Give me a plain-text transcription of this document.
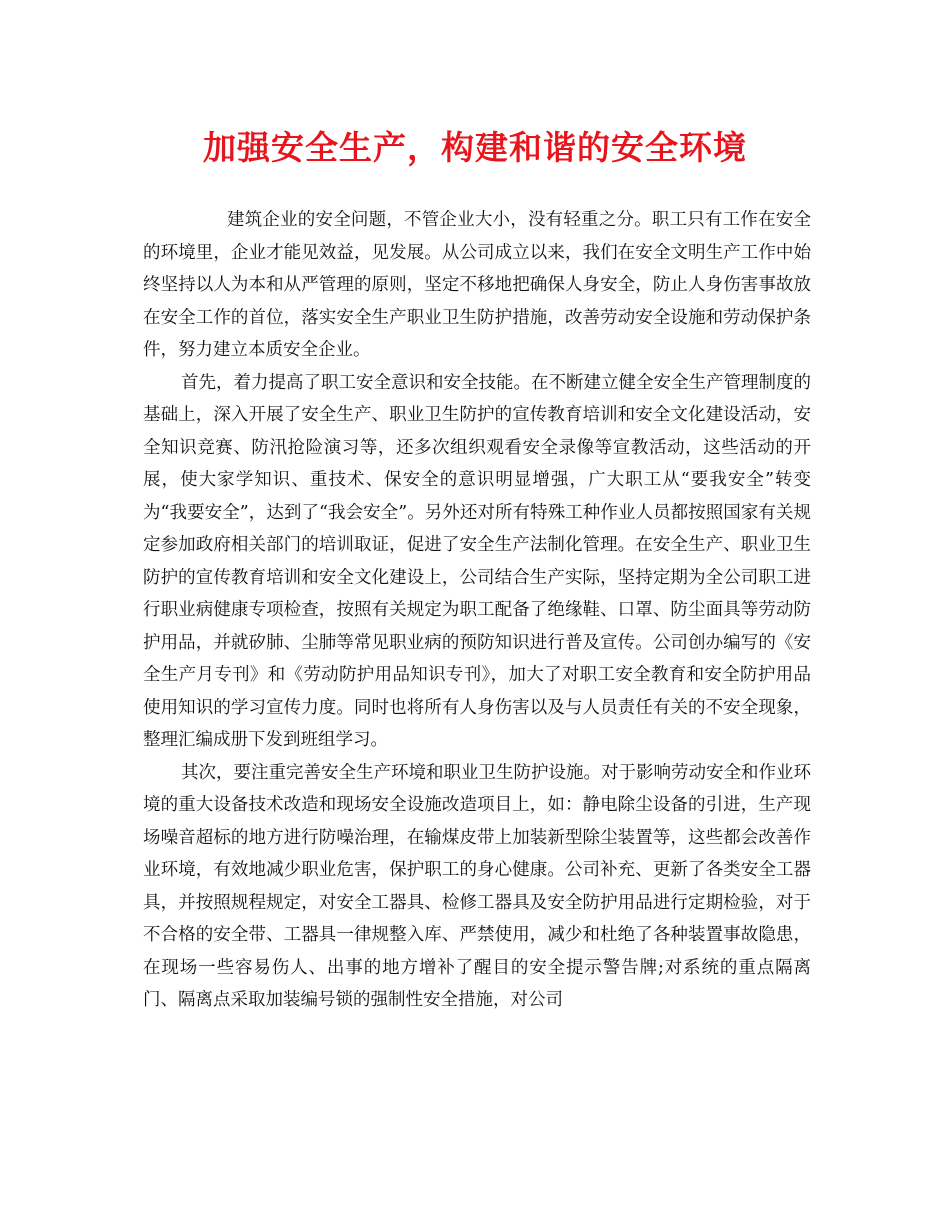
加强安全生产，构建和谐的安全环境

建筑企业的安全问题，不管企业大小，没有轻重之分。职工只有工作在安全的环境里，企业才能见效益，见发展。从公司成立以来，我们在安全文明生产工作中始终坚持以人为本和从严管理的原则，坚定不移地把确保人身安全，防止人身伤害事故放在安全工作的首位，落实安全生产职业卫生防护措施，改善劳动安全设施和劳动保护条件，努力建立本质安全企业。

首先，着力提高了职工安全意识和安全技能。在不断建立健全安全生产管理制度的基础上，深入开展了安全生产、职业卫生防护的宣传教育培训和安全文化建设活动，安全知识竞赛、防汛抢险演习等，还多次组织观看安全录像等宣教活动，这些活动的开展，使大家学知识、重技术、保安全的意识明显增强，广大职工从“要我安全”转变为“我要安全”，达到了“我会安全”。另外还对所有特殊工种作业人员都按照国家有关规定参加政府相关部门的培训取证，促进了安全生产法制化管理。在安全生产、职业卫生防护的宣传教育培训和安全文化建设上，公司结合生产实际，坚持定期为全公司职工进行职业病健康专项检查，按照有关规定为职工配备了绝缘鞋、口罩、防尘面具等劳动防护用品，并就矽肺、尘肺等常见职业病的预防知识进行普及宣传。公司创办编写的《安全生产月专刊》和《劳动防护用品知识专刊》，加大了对职工安全教育和安全防护用品使用知识的学习宣传力度。同时也将所有人身伤害以及与人员责任有关的不安全现象，整理汇编成册下发到班组学习。

其次，要注重完善安全生产环境和职业卫生防护设施。对于影响劳动安全和作业环境的重大设备技术改造和现场安全设施改造项目上，如：静电除尘设备的引进，生产现场噪音超标的地方进行防噪治理，在输煤皮带上加装新型除尘装置等，这些都会改善作业环境，有效地减少职业危害，保护职工的身心健康。公司补充、更新了各类安全工器具，并按照规程规定，对安全工器具、检修工器具及安全防护用品进行定期检验，对于不合格的安全带、工器具一律规整入库、严禁使用，减少和杜绝了各种装置事故隐患，在现场一些容易伤人、出事的地方增补了醒目的安全提示警告牌;对系统的重点隔离门、隔离点采取加装编号锁的强制性安全措施，对公司
